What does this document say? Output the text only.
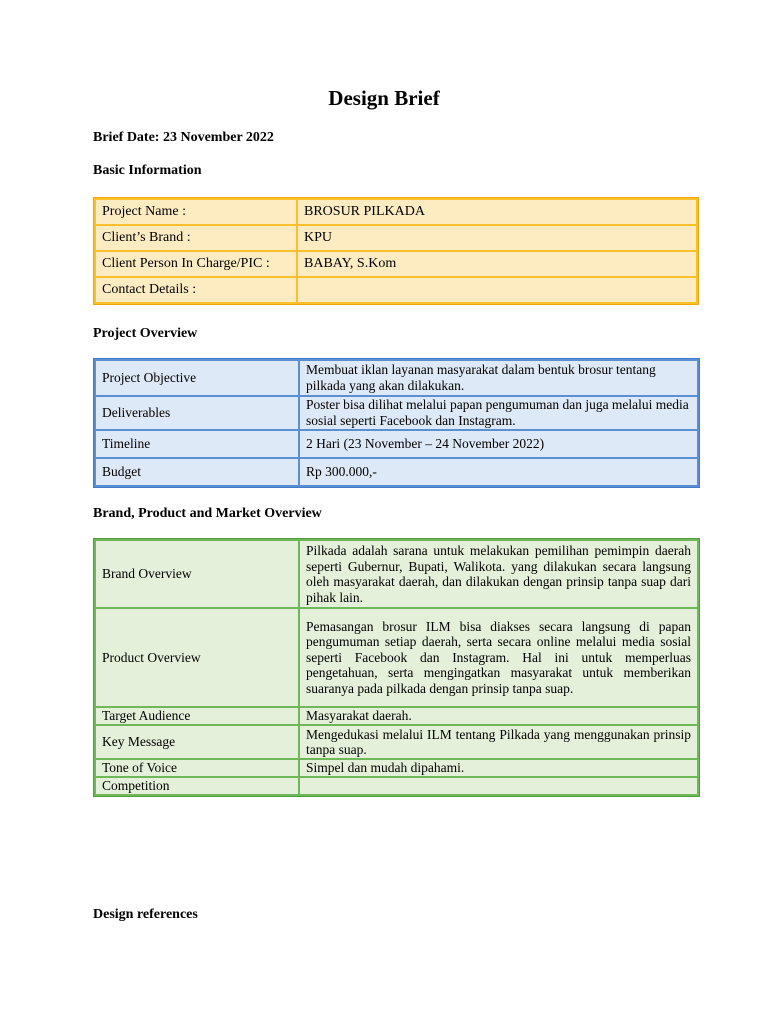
Design Brief
Brief Date: 23 November 2022
Basic Information
Project Name :	BROSUR PILKADA
Client’s Brand :	KPU
Client Person In Charge/PIC :	BABAY, S.Kom
Contact Details :	
Project Overview
Project Objective	Membuat iklan layanan masyarakat dalam bentuk brosur tentang pilkada yang akan dilakukan.
Deliverables	Poster bisa dilihat melalui papan pengumuman dan juga melalui media sosial seperti Facebook dan Instagram.
Timeline	2 Hari (23 November – 24 November 2022)
Budget	Rp 300.000,-
Brand, Product and Market Overview
Brand Overview	Pilkada adalah sarana untuk melakukan pemilihan pemimpin daerah seperti Gubernur, Bupati, Walikota. yang dilakukan secara langsung oleh masyarakat daerah, dan dilakukan dengan prinsip tanpa suap dari pihak lain.
Product Overview	Pemasangan brosur ILM bisa diakses secara langsung di papan pengumuman setiap daerah, serta secara online melalui media sosial seperti Facebook dan Instagram. Hal ini untuk memperluas pengetahuan, serta mengingatkan masyarakat untuk memberikan suaranya pada pilkada dengan prinsip tanpa suap.
Target Audience	Masyarakat daerah.
Key Message	Mengedukasi melalui ILM tentang Pilkada yang menggunakan prinsip tanpa suap.
Tone of Voice	Simpel dan mudah dipahami.
Competition	
Design references
